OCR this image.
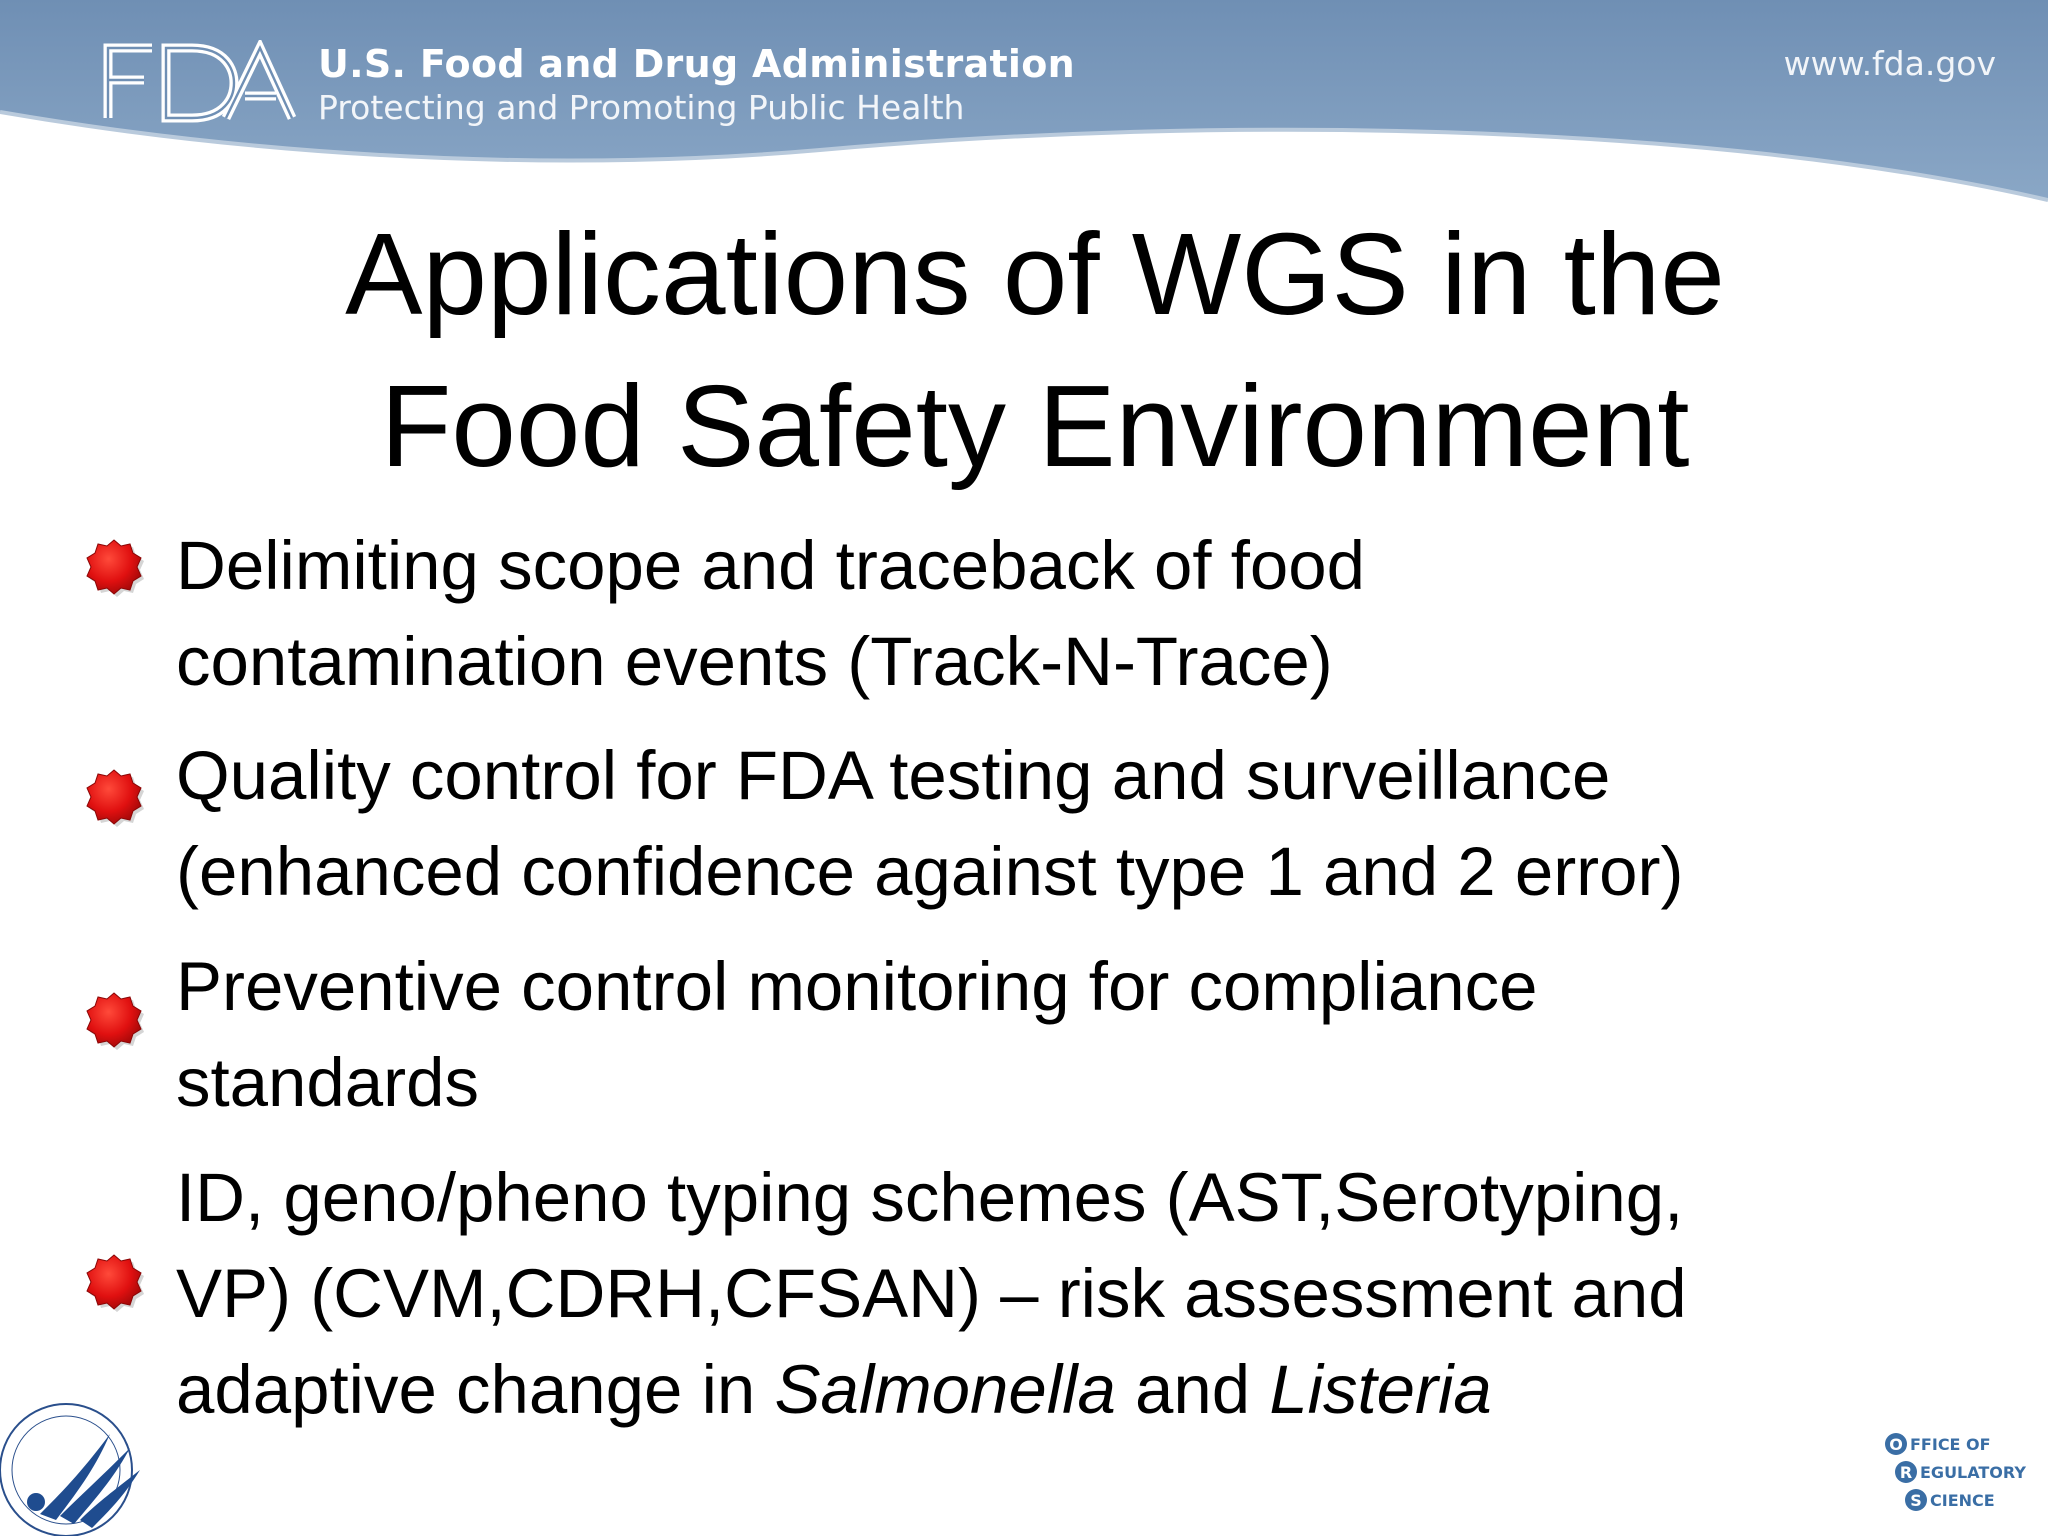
U.S. Food and Drug Administration
Protecting and Promoting Public Health
www.fda.gov
Applications of WGS in the
Food Safety Environment
Delimiting scope and traceback of food
contamination events (Track-N-Trace)
Quality control for FDA testing and surveillance
(enhanced confidence against type 1 and 2 error)
Preventive control monitoring for compliance
standards
ID, geno/pheno typing schemes (AST,Serotyping,
VP) (CVM,CDRH,CFSAN) – risk assessment and
adaptive change in Salmonella and Listeria
O
R
S
FFICE OF
EGULATORY
CIENCE
